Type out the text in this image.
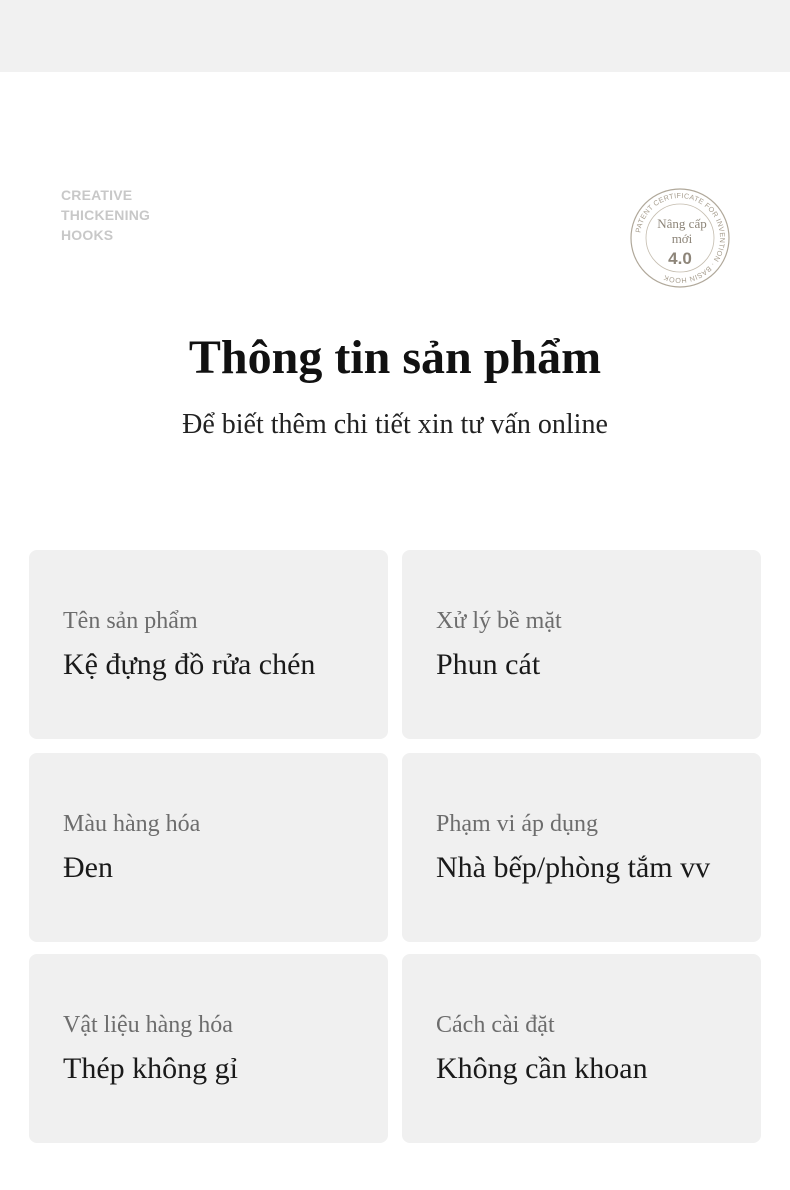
CREATIVE
THICKENING
HOOKS	PATENT CERTIFICATE FOR INVENTION · BASIN HOOK
Nâng cấp
mới
4.0
Thông tin sản phẩm
Để biết thêm chi tiết xin tư vấn online
Tên sản phẩm
Kệ đựng đồ rửa chén
Xử lý bề mặt
Phun cát
Màu hàng hóa
Đen
Phạm vi áp dụng
Nhà bếp/phòng tắm vv
Vật liệu hàng hóa
Thép không gỉ
Cách cài đặt
Không cần khoan
